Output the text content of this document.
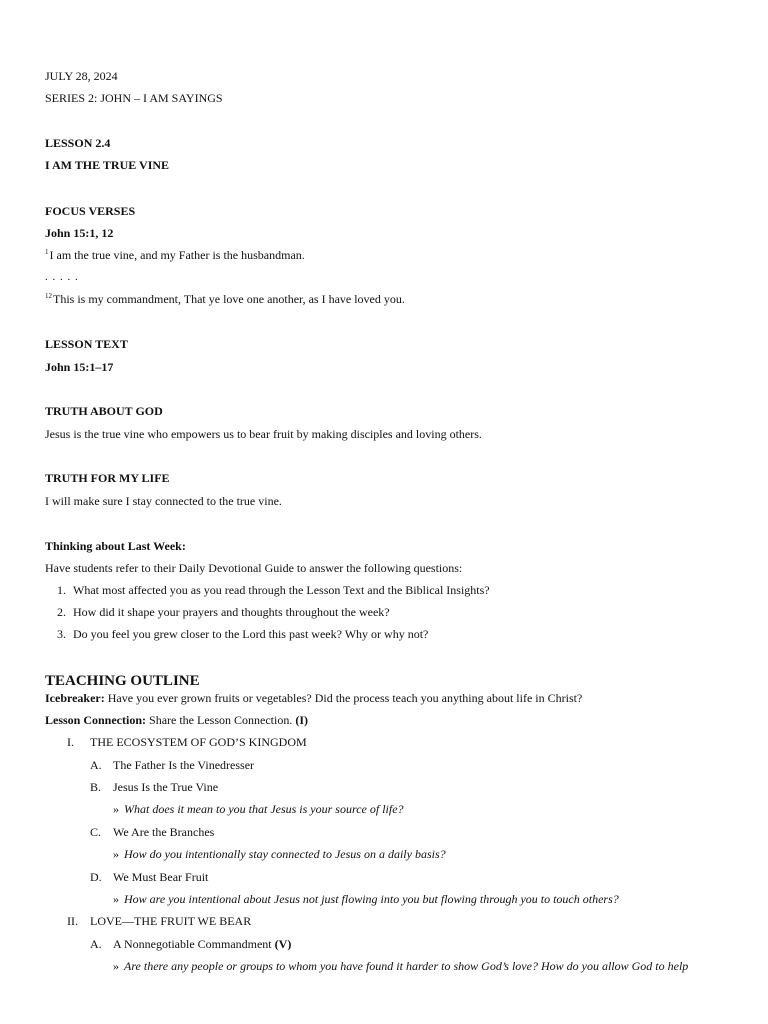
JULY 28, 2024
SERIES 2: JOHN – I AM SAYINGS
LESSON 2.4
I AM THE TRUE VINE
FOCUS VERSES
John 15:1, 12
$^1$I am the true vine, and my Father is the husbandman.
. . . . .
$^{12}$This is my commandment, That ye love one another, as I have loved you.
LESSON TEXT
John 15:1–17
TRUTH ABOUT GOD
Jesus is the true vine who empowers us to bear fruit by making disciples and loving others.
TRUTH FOR MY LIFE
I will make sure I stay connected to the true vine.
Thinking about Last Week:
Have students refer to their Daily Devotional Guide to answer the following questions:
1. What most affected you as you read through the Lesson Text and the Biblical Insights?
2. How did it shape your prayers and thoughts throughout the week?
3. Do you feel you grew closer to the Lord this past week? Why or why not?
TEACHING OUTLINE
Icebreaker: Have you ever grown fruits or vegetables? Did the process teach you anything about life in Christ?
Lesson Connection: Share the Lesson Connection. (I)
I. THE ECOSYSTEM OF GOD’S KINGDOM
A. The Father Is the Vinedresser
B. Jesus Is the True Vine
» What does it mean to you that Jesus is your source of life?
C. We Are the Branches
» How do you intentionally stay connected to Jesus on a daily basis?
D. We Must Bear Fruit
» How are you intentional about Jesus not just flowing into you but flowing through you to touch others?
II. LOVE—THE FRUIT WE BEAR
A. A Nonnegotiable Commandment (V)
» Are there any people or groups to whom you have found it harder to show God’s love? How do you allow God to help
